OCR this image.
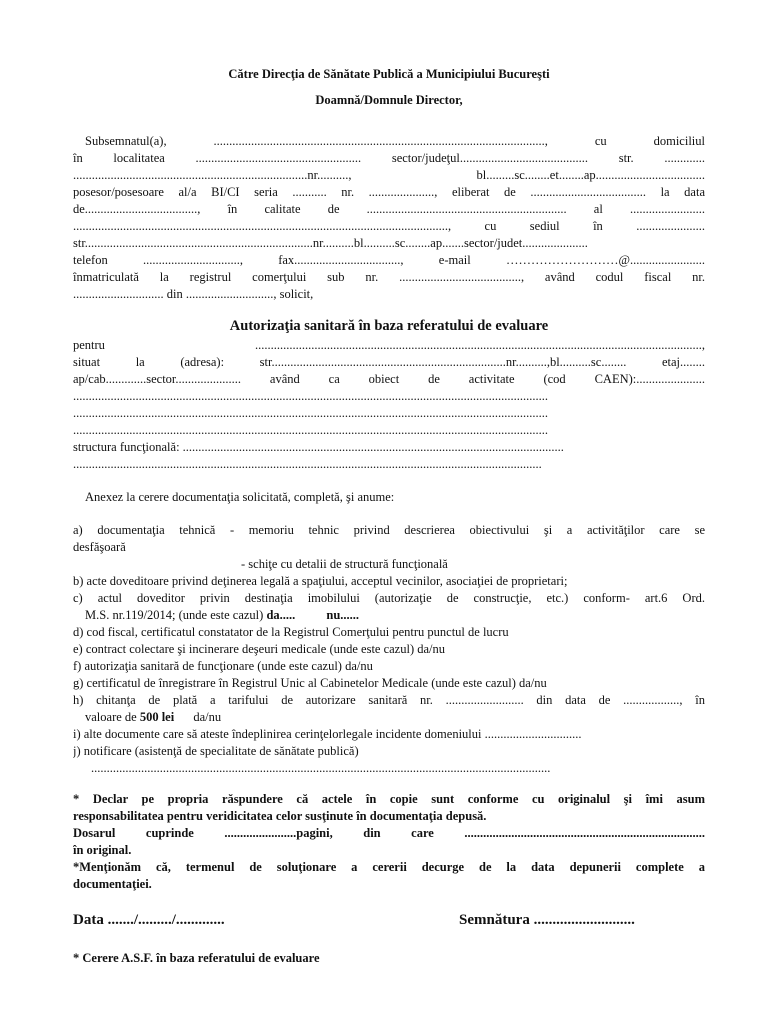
Către Direcţia de Sănătate Publică a Municipiului Bucureşti
Doamnă/Domnule Director,
Subsemnatul(a), .........................................................................................................., cu domiciliul
în localitatea ..................................................... sector/judeţul......................................... str. .............
...........................................................................nr.........., bl.........sc........et........ap...................................
posesor/posesoare al/a BI/CI seria ........... nr. ....................., eliberat de ..................................... la data
de...................................., în calitate de ................................................................ al ........................
........................................................................................................................, cu sediul în ......................
str.........................................................................nr..........bl..........sc........ap.......sector/judet.....................
telefon ..............................., fax.................................., e-mail ………………………@........................
înmatriculată la registrul comerţului sub nr. ......................................., având codul fiscal nr.
............................. din ............................, solicit,
Autorizaţia sanitară în baza referatului de evaluare
pentru ...............................................................................................................................................,
situat la (adresa): str...........................................................................nr..........,bl..........sc........ etaj........
ap/cab.............sector..................... având ca obiect de activitate (cod CAEN):......................
........................................................................................................................................................
........................................................................................................................................................
........................................................................................................................................................
structura funcţională: ..........................................................................................................................
......................................................................................................................................................
Anexez la cerere documentaţia solicitată, completă, şi anume:
a) documentaţia tehnică - memoriu tehnic privind descrierea obiectivului şi a activităţilor care se
desfăşoară
- schiţe cu detalii de structură funcţională
b) acte doveditoare privind deţinerea legală a spaţiului, acceptul vecinilor, asociaţiei de proprietari;
c) actul doveditor privin destinaţia imobilului (autorizaţie de construcţie, etc.) conform- art.6 Ord.
M.S. nr.119/2014; (unde este cazul) da..... nu......
d) cod fiscal, certificatul constatator de la Registrul Comerţului pentru punctul de lucru
e) contract colectare şi incinerare deşeuri medicale (unde este cazul) da/nu
f) autorizaţia sanitară de funcţionare (unde este cazul) da/nu
g) certificatul de înregistrare în Registrul Unic al Cabinetelor Medicale (unde este cazul) da/nu
h) chitanţa de plată a tarifului de autorizare sanitară nr. ......................... din data de .................., în
valoare de 500 lei da/nu
i) alte documente care să ateste îndeplinirea cerinţelorlegale incidente domeniului ...............................
j) notificare (asistenţă de specialitate de sănătate publică)
...................................................................................................................................................
* Declar pe propria răspundere că actele în copie sunt conforme cu originalul şi îmi asum
responsabilitatea pentru veridicitatea celor susţinute în documentaţia depusă.
Dosarul cuprinde .......................pagini, din care .............................................................................
în original.
*Menţionăm că, termenul de soluţionare a cererii decurge de la data depunerii complete a
documentaţiei.
Data ......./........./.............	Semnătura ...........................
* Cerere A.S.F. în baza referatului de evaluare
